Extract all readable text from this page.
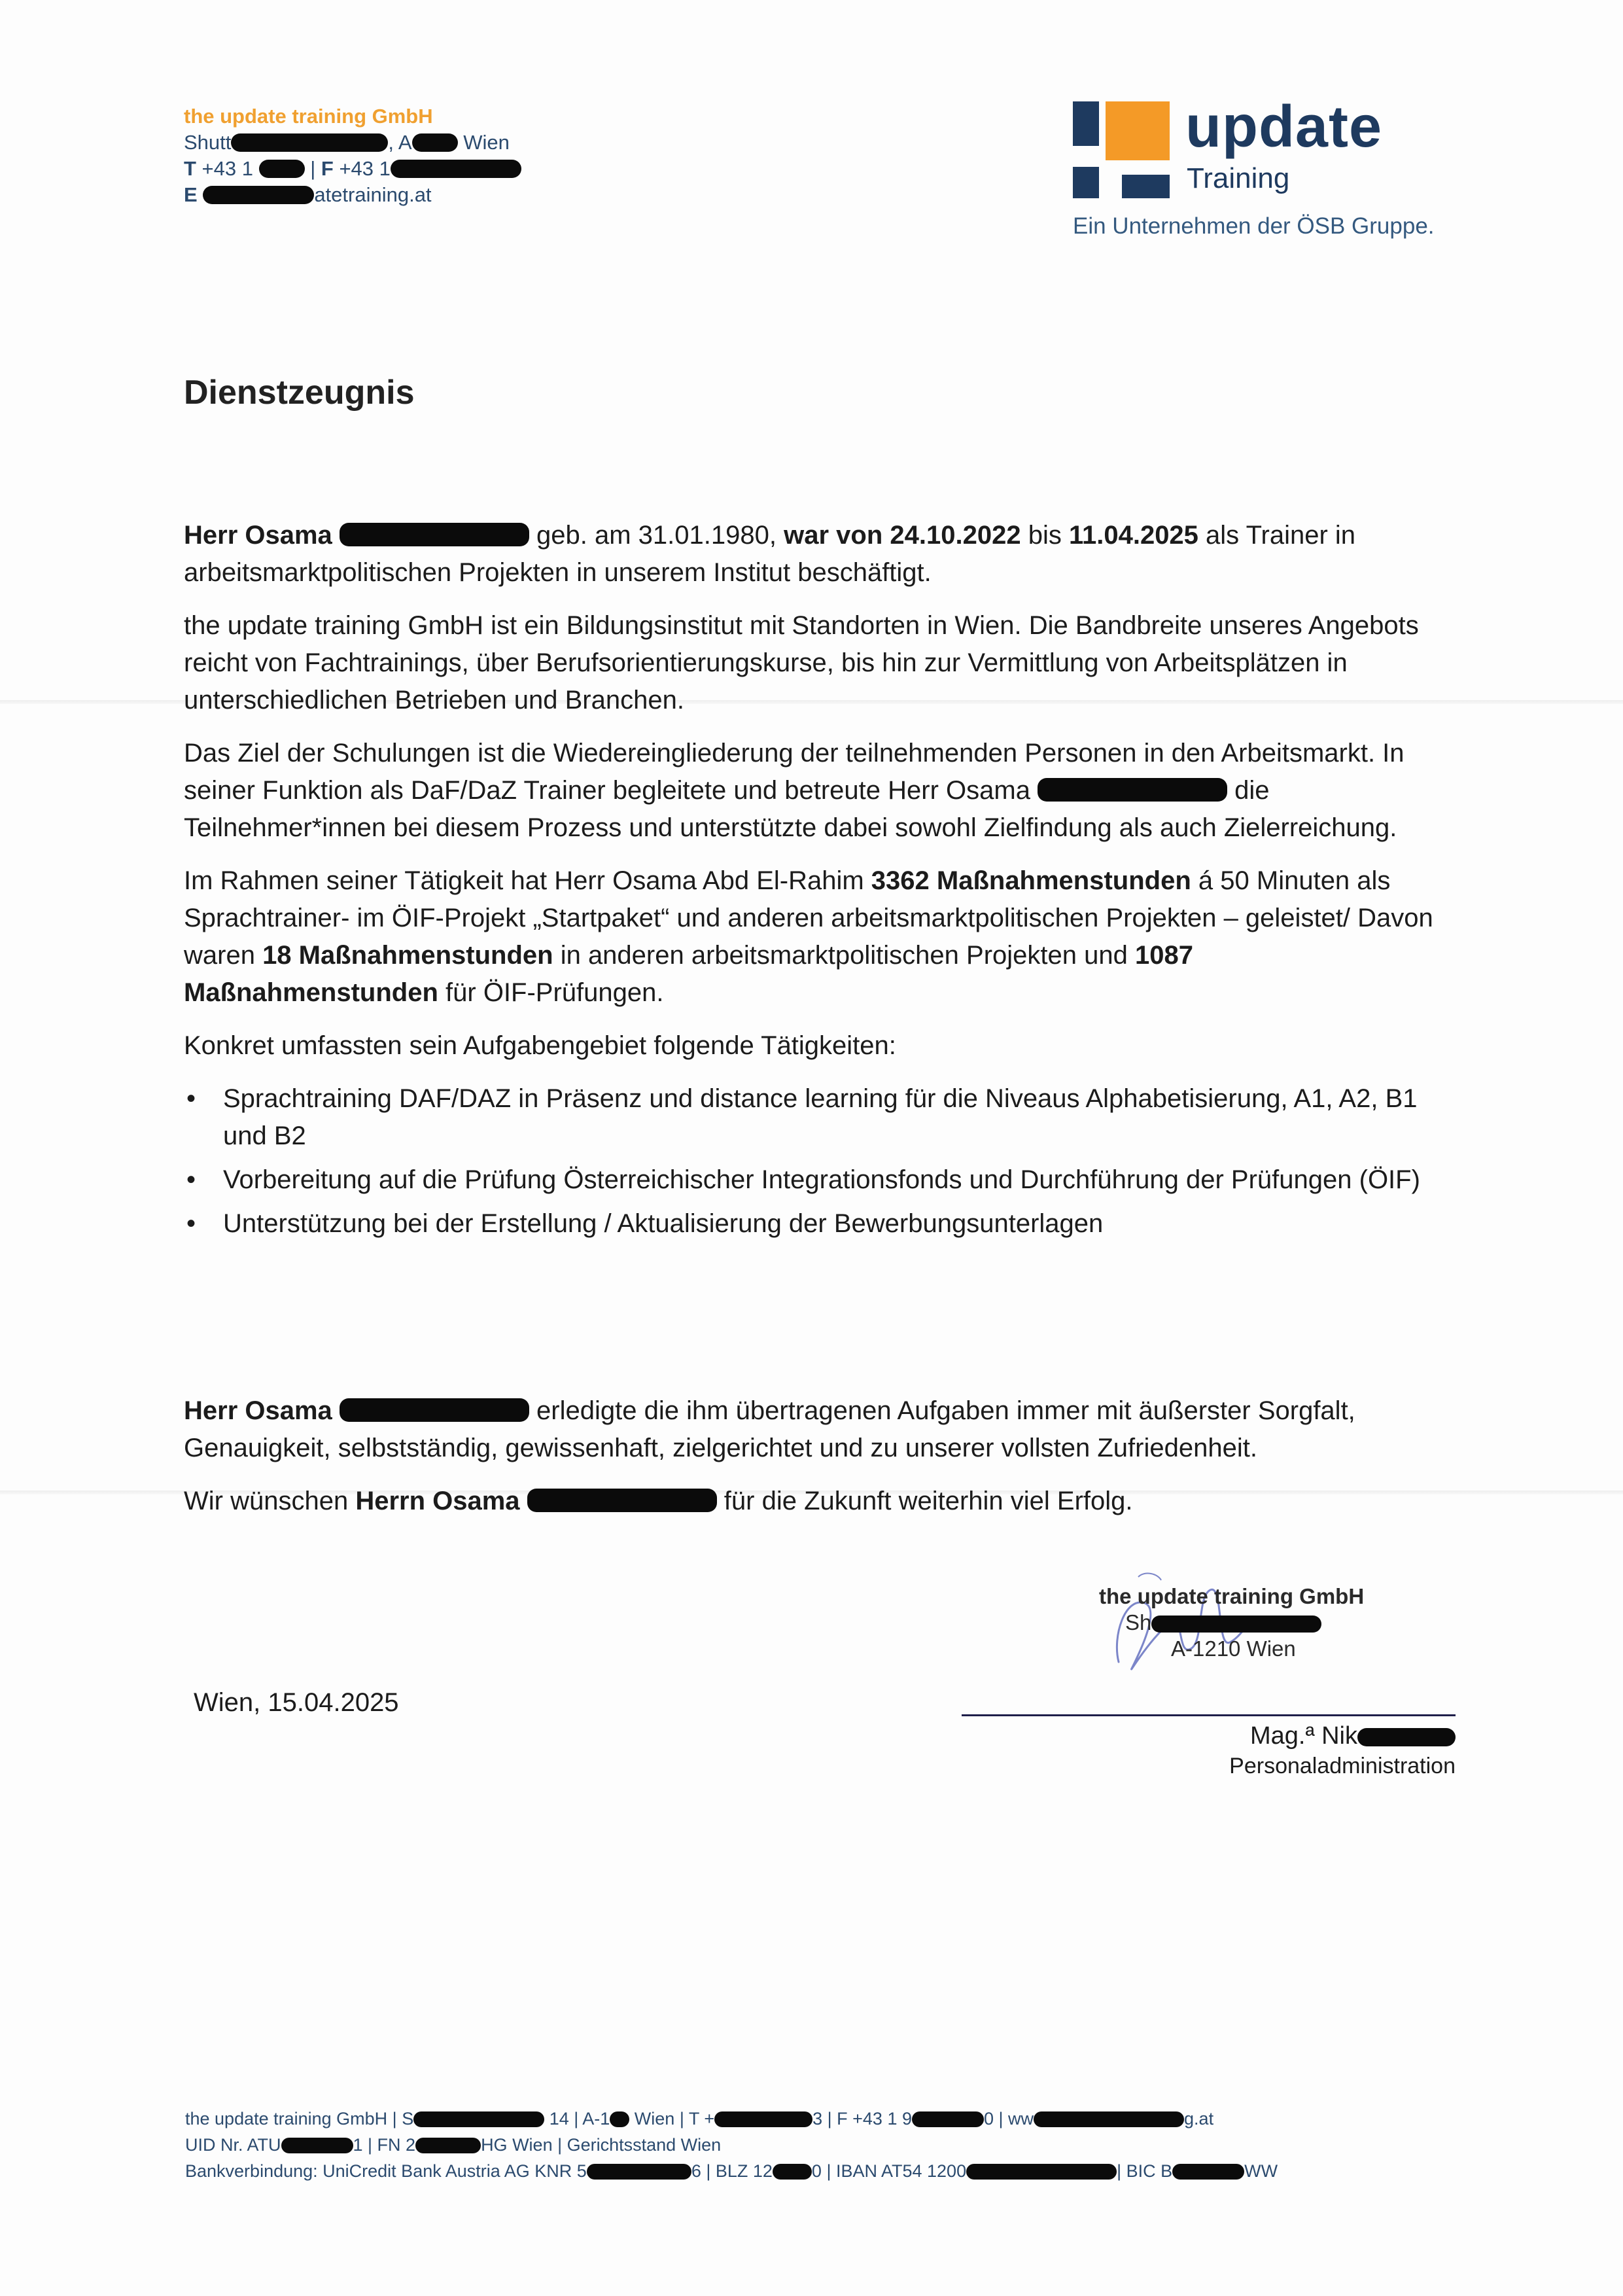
the update training GmbH
Shutt	, A Wien
T +43 1  | F +43 1
E	atetraining.at
update
Training
Ein Unternehmen der ÖSB Gruppe.
Dienstzeugnis

Herr Osama	geb. am 31.01.1980, war von 24.10.2022 bis 11.04.2025 als Trainer in arbeitsmarktpolitischen Projekten in unserem Institut beschäftigt.

the update training GmbH ist ein Bildungsinstitut mit Standorten in Wien. Die Bandbreite unseres Angebots reicht von Fachtrainings, über Berufsorientierungskurse, bis hin zur Vermittlung von Arbeitsplätzen in unterschiedlichen Betrieben und Branchen.

Das Ziel der Schulungen ist die Wiedereingliederung der teilnehmenden Personen in den Arbeitsmarkt. In seiner Funktion als DaF/DaZ Trainer begleitete und betreute Herr Osama	die Teilnehmer*innen bei diesem Prozess und unterstützte dabei sowohl Zielfindung als auch Zielerreichung.

Im Rahmen seiner Tätigkeit hat Herr Osama Abd El-Rahim 3362 Maßnahmenstunden á 50 Minuten als Sprachtrainer- im ÖIF-Projekt „Startpaket“ und anderen arbeitsmarktpolitischen Projekten – geleistet/ Davon waren 18 Maßnahmenstunden in anderen arbeitsmarktpolitischen Projekten und 1087 Maßnahmenstunden für ÖIF-Prüfungen.

Konkret umfassten sein Aufgabengebiet folgende Tätigkeiten:

• Sprachtraining DAF/DAZ in Präsenz und distance learning für die Niveaus Alphabetisierung, A1, A2, B1 und B2
• Vorbereitung auf die Prüfung Österreichischer Integrationsfonds und Durchführung der Prüfungen (ÖIF)
• Unterstützung bei der Erstellung / Aktualisierung der Bewerbungsunterlagen

Herr Osama	erledigte die ihm übertragenen Aufgaben immer mit äußerster Sorgfalt, Genauigkeit, selbstständig, gewissenhaft, zielgerichtet und zu unserer vollsten Zufriedenheit.

Wir wünschen Herrn Osama	für die Zukunft weiterhin viel Erfolg.

the update training GmbH
Sh
A-1210 Wien
Wien, 15.04.2025
Mag.ª Nik
Personaladministration
the update training GmbH | S	14 | A-1 Wien | T +	3 | F +43 1 9	0 | ww	g.at
UID Nr. ATU	1 | FN 2	HG Wien | Gerichtsstand Wien
Bankverbindung: UniCredit Bank Austria AG KNR 5	6 | BLZ 12 0 | IBAN AT54 1200	| BIC B	WW
